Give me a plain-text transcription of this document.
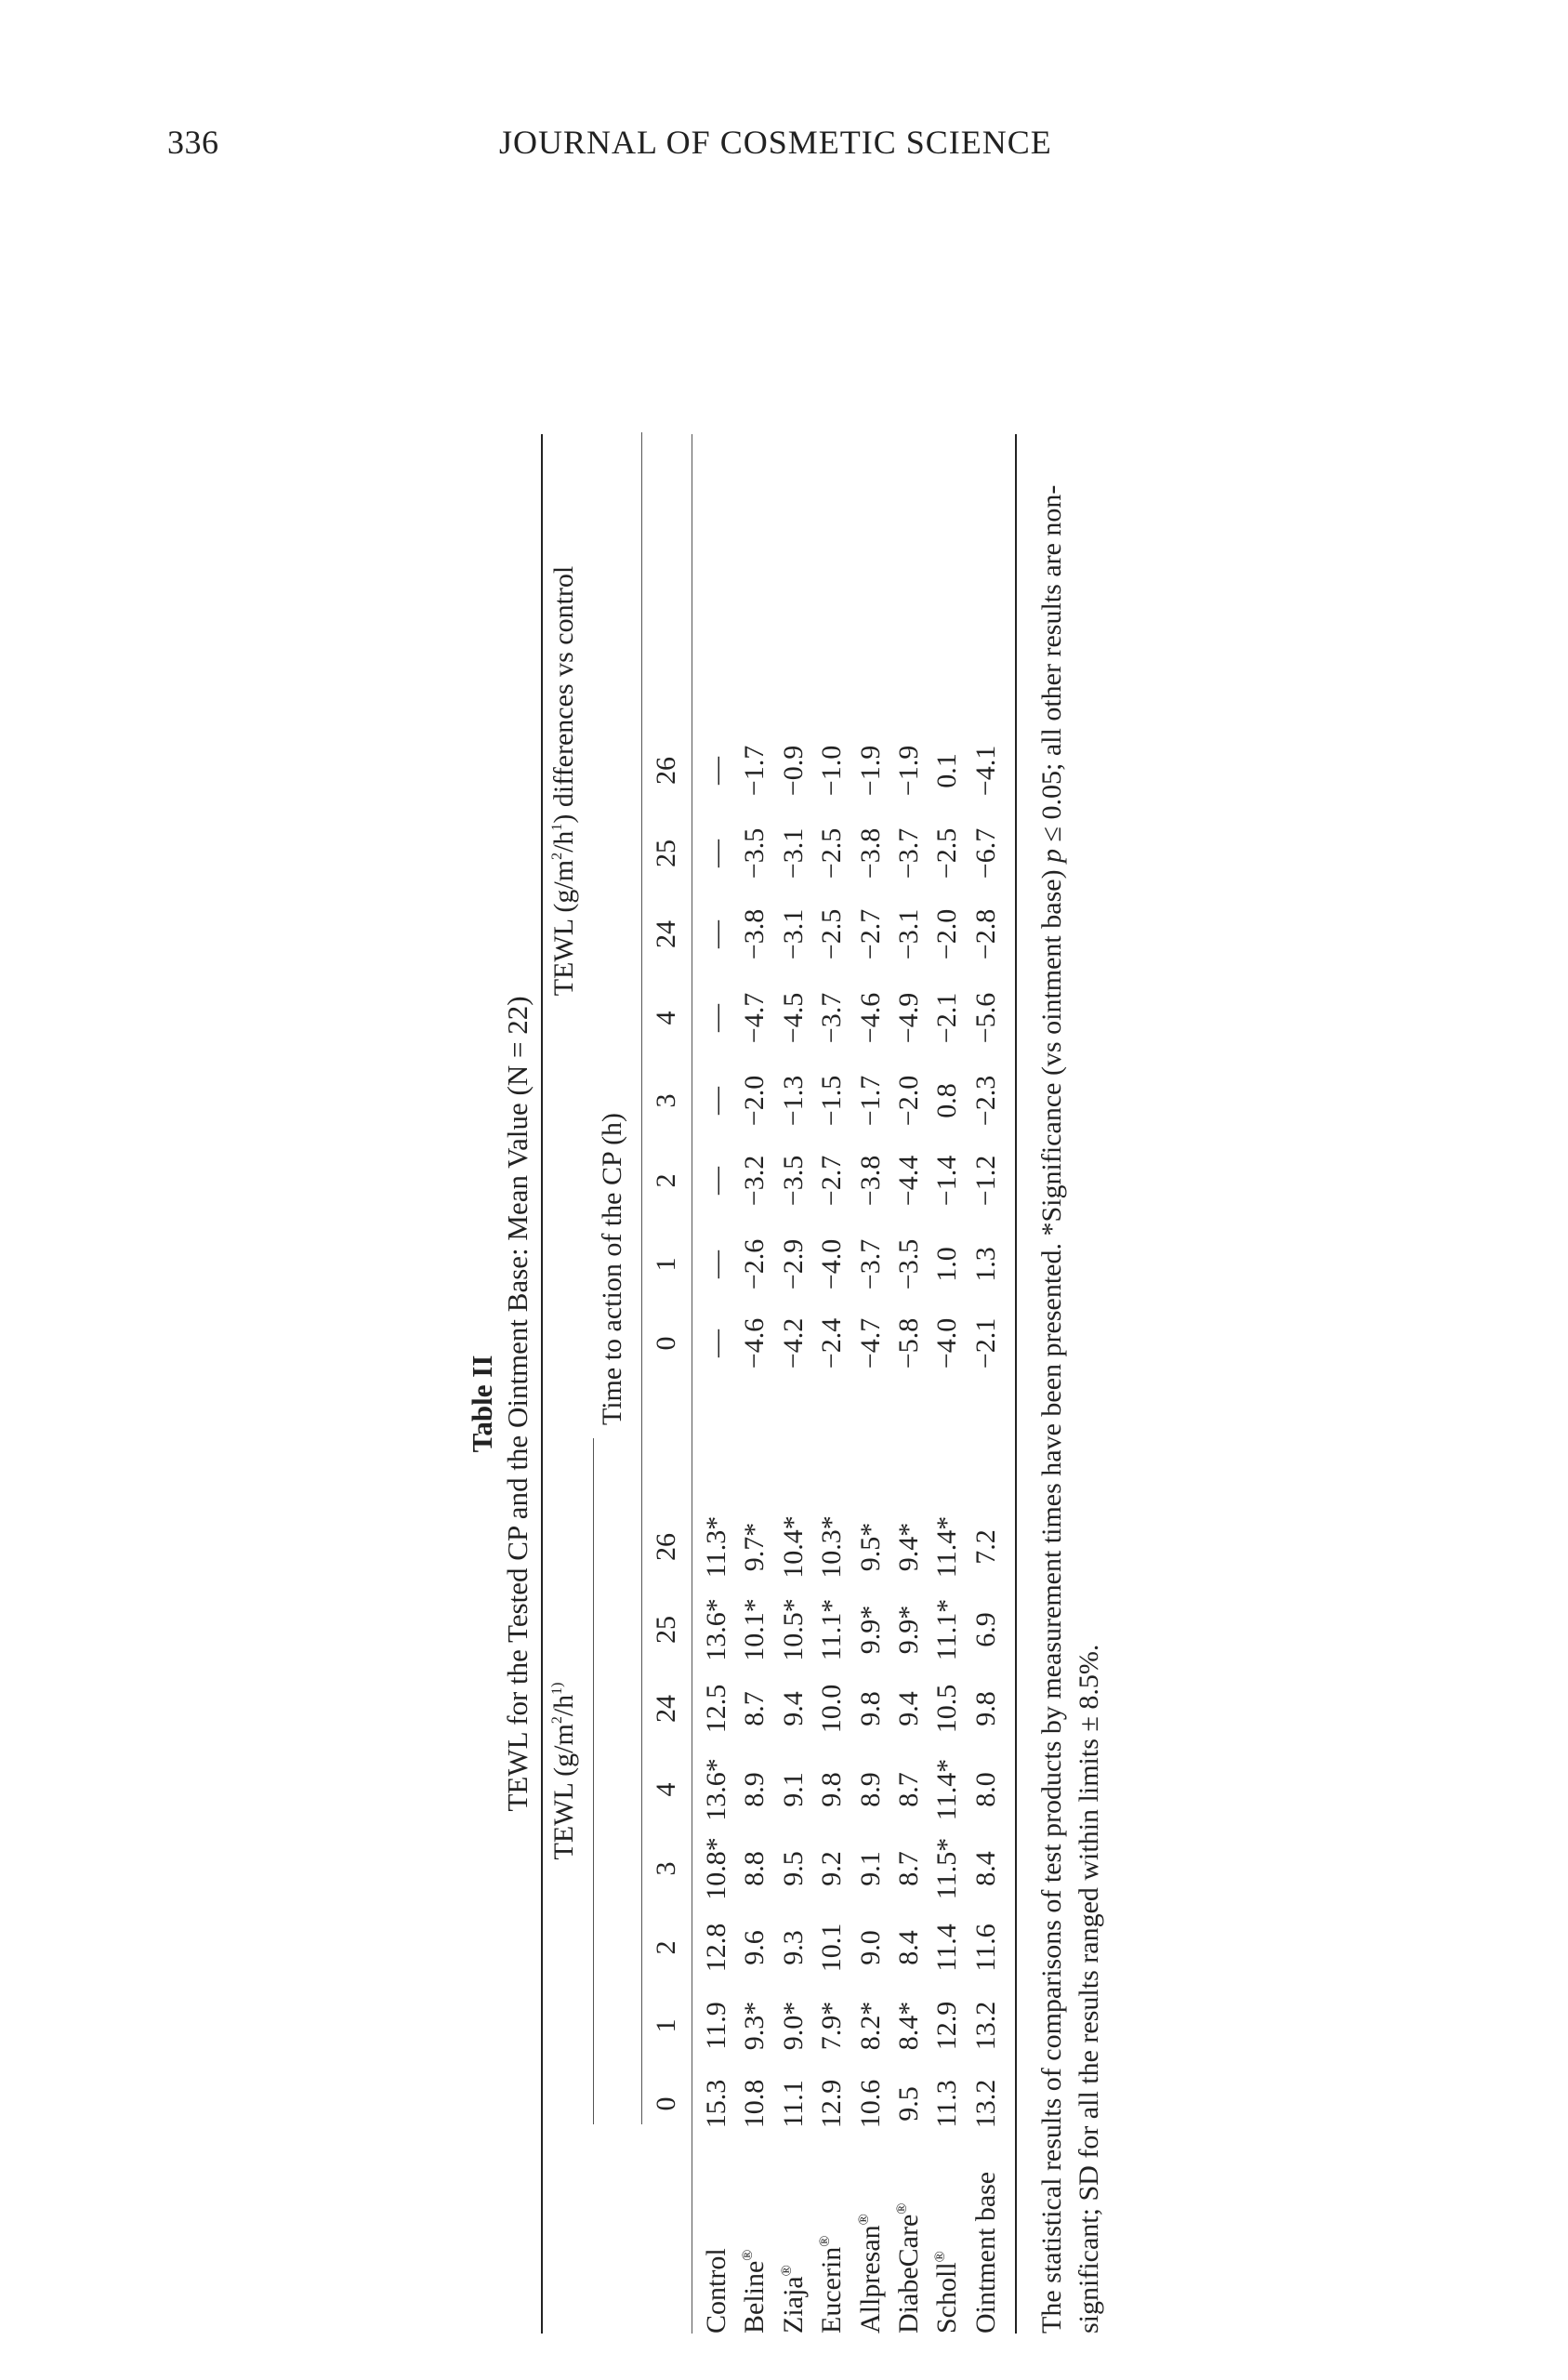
336	JOURNAL OF COSMETIC SCIENCE
Table II TEWL for the Tested CP and the Ointment Base: Mean Value (N = 22) TEWL ($g/m^2/h^{1)}$
TEWL $(g/m^2/h^1)$ differences vs control
Time to action of the CP (h)
0
1
2
3
4
24
25
26
0
1
2
3
4
24
25
26
Control
15.3
11.9
12.8
10.8*
13.6*
12.5
13.6*
11.3*
—
—
—
—
—
—
—
—
Beline®
10.8
9.3*
9.6
8.8
8.9
8.7
10.1*
9.7*
−4.6
−2.6
−3.2
−2.0
−4.7
−3.8
−3.5
−1.7
Ziaja®
11.1
9.0*
9.3
9.5
9.1
9.4
10.5*
10.4*
−4.2
−2.9
−3.5
−1.3
−4.5
−3.1
−3.1
−0.9
Eucerin®
12.9
7.9*
10.1
9.2
9.8
10.0
11.1*
10.3*
−2.4
−4.0
−2.7
−1.5
−3.7
−2.5
−2.5
−1.0
Allpresan®
10.6
8.2*
9.0
9.1
8.9
9.8
9.9*
9.5*
−4.7
−3.7
−3.8
−1.7
−4.6
−2.7
−3.8
−1.9
DiabeCare®
9.5
8.4*
8.4
8.7
8.7
9.4
9.9*
9.4*
−5.8
−3.5
−4.4
−2.0
−4.9
−3.1
−3.7
−1.9
Scholl®
11.3
12.9
11.4
11.5*
11.4*
10.5
11.1*
11.4*
−4.0
1.0
−1.4
0.8
−2.1
−2.0
−2.5
0.1
Ointment base
13.2
13.2
11.6
8.4
8.0
9.8
6.9
7.2
−2.1
1.3
−1.2
−2.3
−5.6
−2.8
−6.7
−4.1
The statistical results of comparisons of test products by measurement times have been presented. *Significance (vs ointment base) p ≤ 0.05; all other results are non-significant; SD for all the results ranged within limits ± 8.5%.
